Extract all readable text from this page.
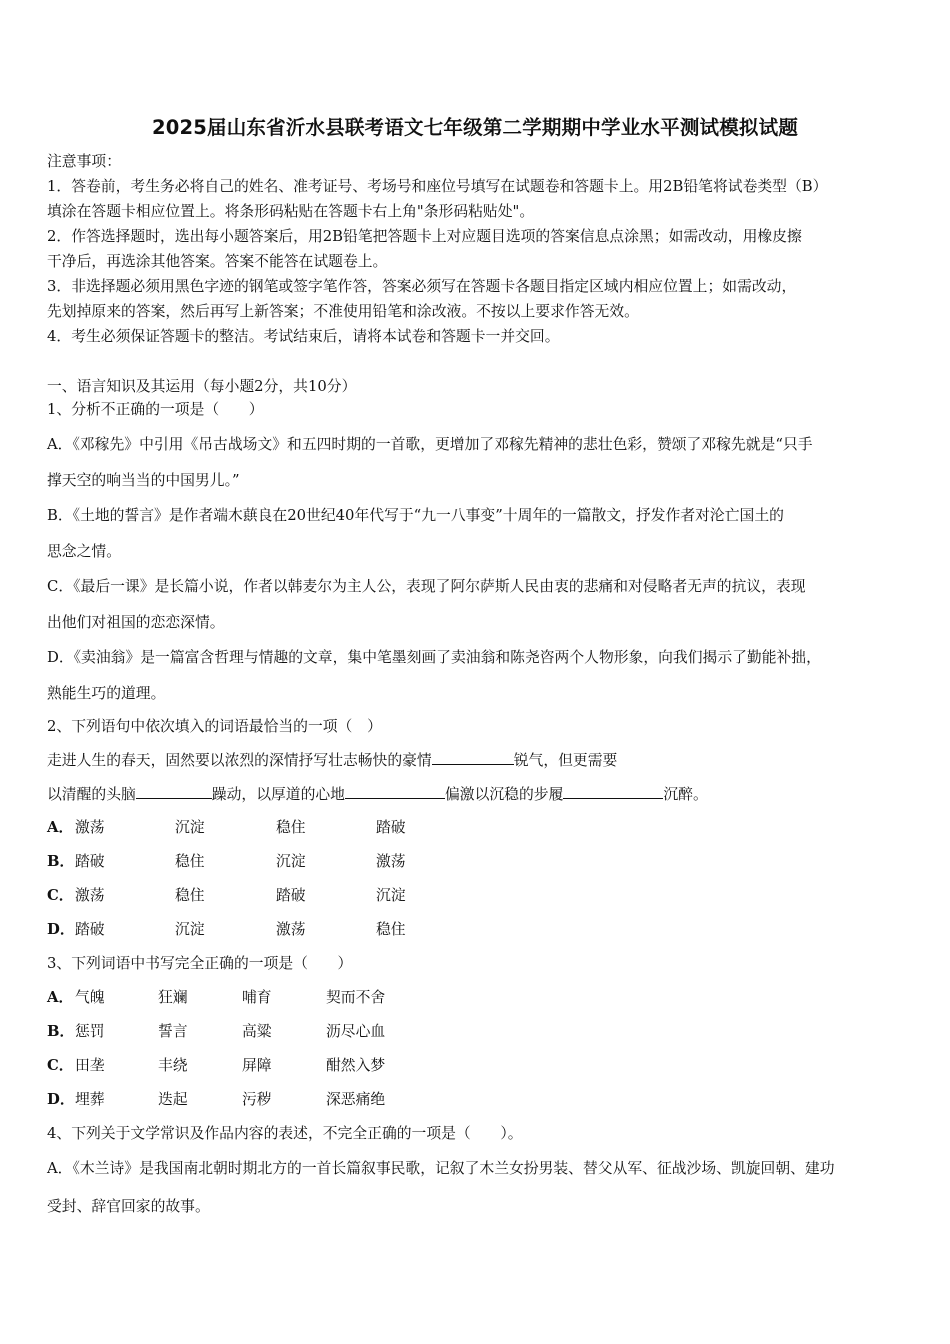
2025届山东省沂水县联考语文七年级第二学期期中学业水平测试模拟试题
注意事项：
1．答卷前，考生务必将自己的姓名、准考证号、考场号和座位号填写在试题卷和答题卡上。用2B铅笔将试卷类型（B）
填涂在答题卡相应位置上。将条形码粘贴在答题卡右上角"条形码粘贴处"。
2．作答选择题时，选出每小题答案后，用2B铅笔把答题卡上对应题目选项的答案信息点涂黑；如需改动，用橡皮擦
干净后，再选涂其他答案。答案不能答在试题卷上。
3．非选择题必须用黑色字迹的钢笔或签字笔作答，答案必须写在答题卡各题目指定区域内相应位置上；如需改动，
先划掉原来的答案，然后再写上新答案；不准使用铅笔和涂改液。不按以上要求作答无效。
4．考生必须保证答题卡的整洁。考试结束后，请将本试卷和答题卡一并交回。
一、语言知识及其运用（每小题2分，共10分）
1、分析不正确的一项是（　　）
A．《邓稼先》中引用《吊古战场文》和五四时期的一首歌，更增加了邓稼先精神的悲壮色彩，赞颂了邓稼先就是“只手
撑天空的响当当的中国男儿。”
B．《土地的誓言》是作者端木蕻良在20世纪40年代写于“九一八事变”十周年的一篇散文，抒发作者对沦亡国土的
思念之情。
C．《最后一课》是长篇小说，作者以韩麦尔为主人公，表现了阿尔萨斯人民由衷的悲痛和对侵略者无声的抗议，表现
出他们对祖国的恋恋深情。
D．《卖油翁》是一篇富含哲理与情趣的文章，集中笔墨刻画了卖油翁和陈尧咨两个人物形象，向我们揭示了勤能补拙，
熟能生巧的道理。
2、下列语句中依次填入的词语最恰当的一项（　）
走进人生的春天，固然要以浓烈的深情抒写壮志畅快的豪情	锐气，但更需要
以清醒的头脑	躁动，以厚道的心地	偏激以沉稳的步履	沉醉。
A． 激荡	沉淀	稳住	踏破
B． 踏破	稳住	沉淀	激荡
C． 激荡	稳住	踏破	沉淀
D． 踏破	沉淀	激荡	稳住
3、下列词语中书写完全正确的一项是（　　）
A． 气魄	狂斓	哺育	契而不舍
B． 惩罚	誓言	高粱	沥尽心血
C． 田垄	丰绕	屏障	酣然入梦
D． 埋葬	迭起	污秽	深恶痛绝
4、下列关于文学常识及作品内容的表述，不完全正确的一项是（　　）。
A．《木兰诗》是我国南北朝时期北方的一首长篇叙事民歌，记叙了木兰女扮男装、替父从军、征战沙场、凯旋回朝、建功
受封、辞官回家的故事。
